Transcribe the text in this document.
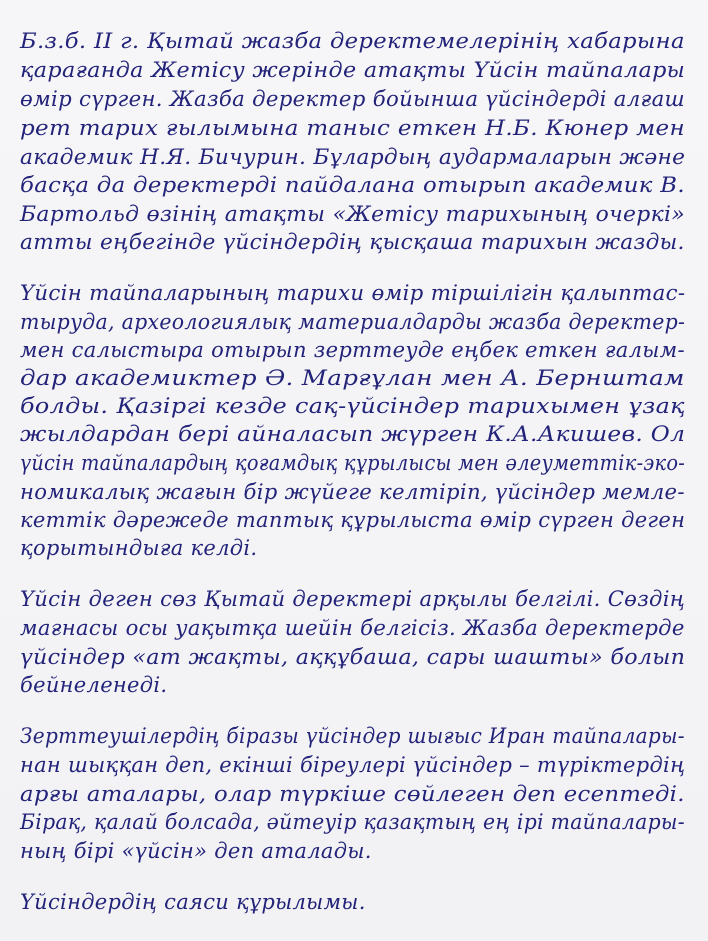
Б.з.б. II г. Қытай жазба деректемелерінің хабарына
қарағанда Жетісу жерінде атақты Үйсін тайпалары
өмір сүрген. Жазба деректер бойынша үйсіндерді алғаш
рет тарих ғылымына таныс еткен Н.Б. Кюнер мен
академик Н.Я. Бичурин. Бұлардың аудармаларын және
басқа да деректерді пайдалана отырып академик В.
Бартольд өзінің атақты «Жетісу тарихының очеркі»
атты еңбегінде үйсіндердің қысқаша тарихын жазды.
Үйсін тайпаларының тарихи өмір тіршілігін қалыптас-
тыруда, археологиялық материалдарды жазба деректер-
мен салыстыра отырып зерттеуде еңбек еткен ғалым-
дар академиктер Ә. Марғұлан мен А. Бернштам
болды. Қазіргі кезде сақ-үйсіндер тарихымен ұзақ
жылдардан бері айналасып жүрген К.А.Акишев. Ол
үйсін тайпалардың қоғамдық құрылысы мен әлеуметтік-эко-
номикалық жағын бір жүйеге келтіріп, үйсіндер мемле-
кеттік дәрежеде таптық құрылыста өмір сүрген деген
қорытындыға келді.
Үйсін деген сөз Қытай деректері арқылы белгілі. Сөздің
мағнасы осы уақытқа шейін белгісіз. Жазба деректерде
үйсіндер «ат жақты, аққұбаша, сары шашты» болып
бейнеленеді.
Зерттеушілердің біразы үйсіндер шығыс Иран тайпалары-
нан шыққан деп, екінші біреулері үйсіндер – түріктердің
арғы аталары, олар түркіше сөйлеген деп есептеді.
Бірақ, қалай болсада, әйтеуір қазақтың ең ірі тайпалары-
ның бірі «үйсін» деп аталады.
Үйсіндердің саяси құрылымы.
